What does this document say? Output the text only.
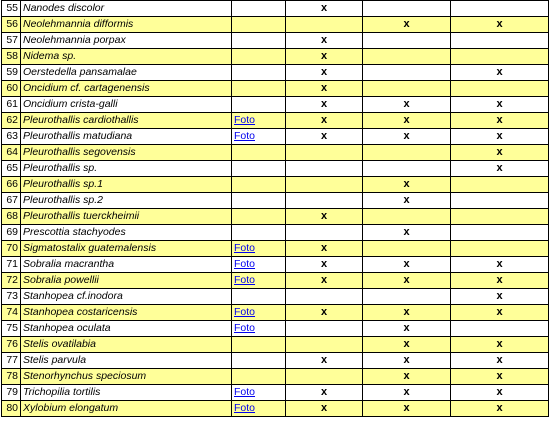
55	Nanodes discolor		x		
56	Neolehmannia difformis			x	x
57	Neolehmannia porpax		x		
58	Nidema sp.		x		
59	Oerstedella pansamalae		x		x
60	Oncidium cf. cartagenensis		x		
61	Oncidium crista-galli		x	x	x
62	Pleurothallis cardiothallis	Foto	x	x	x
63	Pleurothallis matudiana	Foto	x	x	x
64	Pleurothallis segovensis				x
65	Pleurothallis sp.				x
66	Pleurothallis sp.1			x	
67	Pleurothallis sp.2			x	
68	Pleurothallis tuerckheimii		x		
69	Prescottia stachyodes			x	
70	Sigmatostalix guatemalensis	Foto	x		
71	Sobralia macrantha	Foto	x	x	x
72	Sobralia powellii	Foto	x	x	x
73	Stanhopea cf.inodora				x
74	Stanhopea costaricensis	Foto	x	x	x
75	Stanhopea oculata	Foto		x	
76	Stelis ovatilabia			x	x
77	Stelis parvula		x	x	x
78	Stenorhynchus speciosum			x	x
79	Trichopilia tortilis	Foto	x	x	x
80	Xylobium elongatum	Foto	x	x	x
